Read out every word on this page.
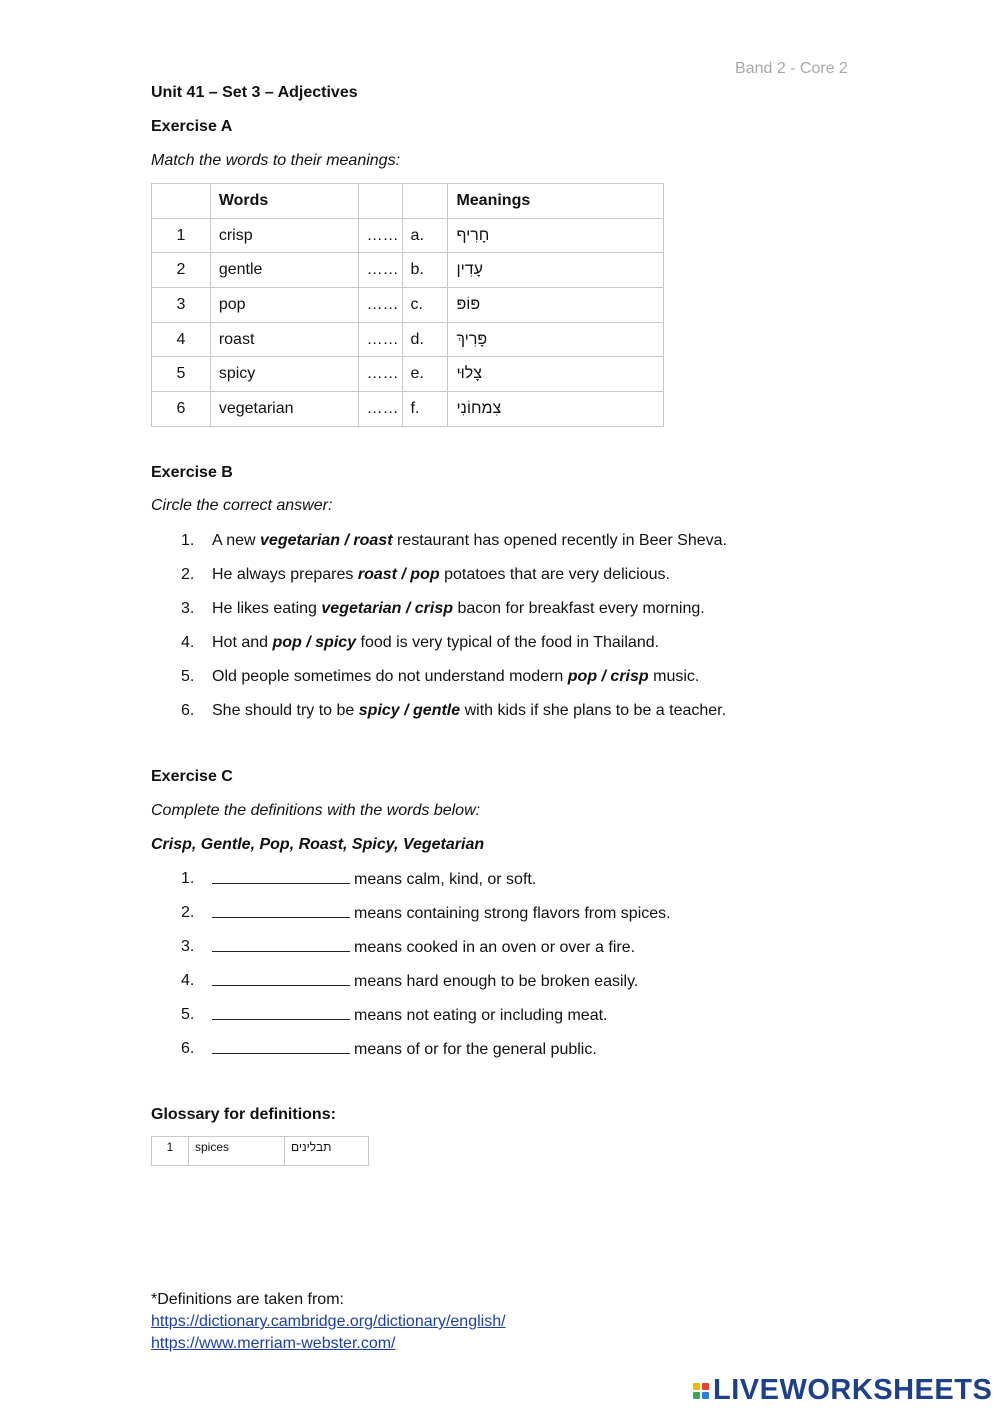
Band 2 - Core 2
Unit 41 – Set 3 – Adjectives
Exercise A
Match the words to their meanings:
	Words			Meanings
1	crisp	……	a.	חָרִיף
2	gentle	……	b.	עָדִין
3	pop	……	c.	פּוֹפּ
4	roast	……	d.	פָּרִיךְ
5	spicy	……	e.	צָלוּי
6	vegetarian	……	f.	צִמחוֹנִי
Exercise B
Circle the correct answer:
1.	A new vegetarian / roast restaurant has opened recently in Beer Sheva.
2.	He always prepares roast / pop potatoes that are very delicious.
3.	He likes eating vegetarian / crisp bacon for breakfast every morning.
4.	Hot and pop / spicy food is very typical of the food in Thailand.
5.	Old people sometimes do not understand modern pop / crisp music.
6.	She should try to be spicy / gentle with kids if she plans to be a teacher.
Exercise C
Complete the definitions with the words below:
Crisp, Gentle, Pop, Roast, Spicy, Vegetarian
1.	means calm, kind, or soft.
2.	means containing strong flavors from spices.
3.	means cooked in an oven or over a fire.
4.	means hard enough to be broken easily.
5.	means not eating or including meat.
6.	means of or for the general public.
Glossary for definitions:
1	spices	תבלינים
*Definitions are taken from:
https://dictionary.cambridge.org/dictionary/english/
https://www.merriam-webster.com/
LIVEWORKSHEETS
